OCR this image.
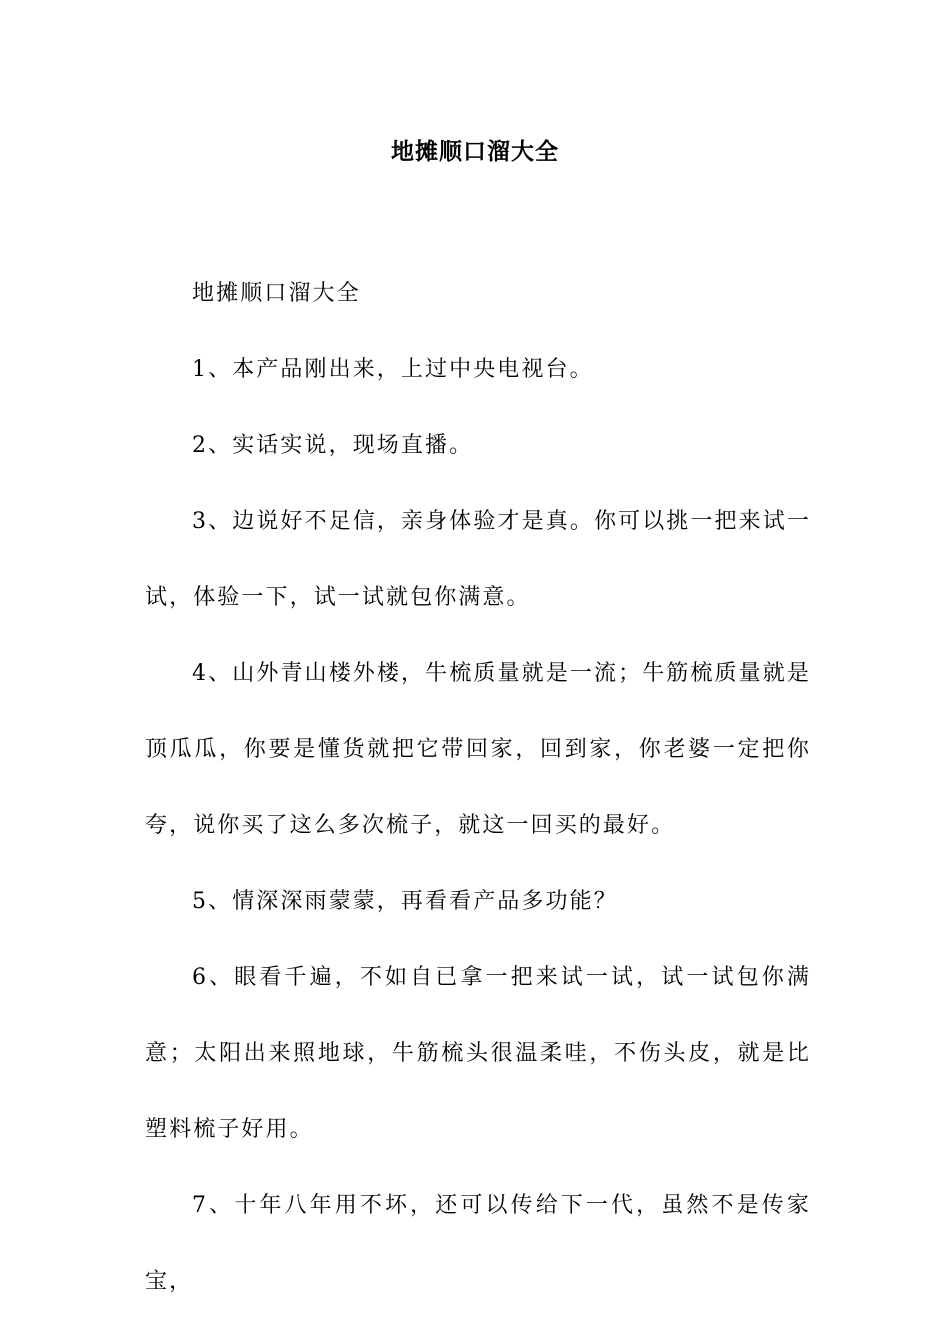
地摊顺口溜大全

地摊顺口溜大全

1、本产品刚出来，上过中央电视台。

2、实话实说，现场直播。

3、边说好不足信，亲身体验才是真。你可以挑一把来试一试，体验一下，试一试就包你满意。

4、山外青山楼外楼，牛梳质量就是一流；牛筋梳质量就是顶瓜瓜，你要是懂货就把它带回家，回到家，你老婆一定把你夸，说你买了这么多次梳子，就这一回买的最好。

5、情深深雨蒙蒙，再看看产品多功能？

6、眼看千遍，不如自已拿一把来试一试，试一试包你满意；太阳出来照地球，牛筋梳头很温柔哇，不伤头皮，就是比塑料梳子好用。

7、十年八年用不坏，还可以传给下一代，虽然不是传家宝，
